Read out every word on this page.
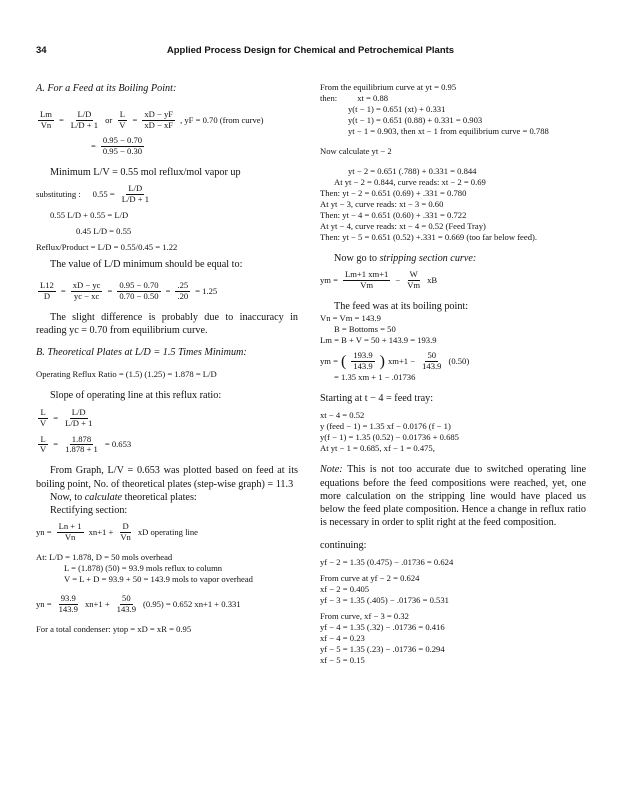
34	Applied Process Design for Chemical and Petrochemical Plants
A. For a Feed at its Boiling Point:
$\frac{Lm}{Vn} = \frac{L/D}{L/D + 1}$ or $\frac{L}{V} = \frac{xD - yF}{xD - xF}$ , yF = 0.70 (from curve)
= $\frac{0.95 - 0.70}{0.95 - 0.30}$
Minimum L/V = 0.55 mol reflux/mol vapor up
substituting : $0.55 = \frac{L/D}{L/D + 1}$
0.55 L/D + 0.55 = L/D
0.45 L/D = 0.55
Reflux/Product = L/D = 0.55/0.45 = 1.22
The value of L/D minimum should be equal to:
$\frac{L12}{D} = \frac{xD - yc}{yc - xc} = \frac{0.95 - 0.70}{0.70 - 0.50} = \frac{.25}{.20} = 1.25$
The slight difference is probably due to inaccuracy in reading yc = 0.70 from equilibrium curve.
B. Theoretical Plates at L/D = 1.5 Times Minimum:
Operating Reflux Ratio = (1.5) (1.25) = 1.878 = L/D
Slope of operating line at this reflux ratio:
$\frac{L}{V} = \frac{L/D}{L/D + 1}$
$\frac{L}{V} = \frac{1.878}{1.878 + 1} = 0.653$
From Graph, L/V = 0.653 was plotted based on feed at its boiling point, No. of theoretical plates (step-wise graph) = 11.3
Now, to calculate theoretical plates:
Rectifying section:
yn = $\frac{Ln + 1}{Vn} xn+1 + \frac{D}{Vn}$ xD operating line
At: L/D = 1.878, D = 50 mols overhead
L = (1.878) (50) = 93.9 mols reflux to column
V = L + D = 93.9 + 50 = 143.9 mols to vapor overhead
yn = $\frac{93.9}{143.9} xn+1 + \frac{50}{143.9} (0.95) = 0.652$ xn+1 + 0.331
For a total condenser: ytop = xD = xR = 0.95
From the equilibrium curve at yt = 0.95
then: xt = 0.88
y(t − 1) = 0.651 (xt) + 0.331
y(t − 1) = 0.651 (0.88) + 0.331 = 0.903
yt − 1 = 0.903, then xt − 1 from equilibrium curve = 0.788
Now calculate yt − 2
yt − 2 = 0.651 (.788) + 0.331 = 0.844
At yt − 2 = 0.844, curve reads: xt − 2 = 0.69
Then: yt − 2 = 0.651 (0.69) + .331 = 0.780
At yt − 3, curve reads: xt − 3 = 0.60
Then: yt − 4 = 0.651 (0.60) + .331 = 0.722
At yt − 4, curve reads: xt − 4 = 0.52 (Feed Tray)
Then: yt − 5 = 0.651 (0.52) +.331 = 0.669 (too far below feed).
Now go to stripping section curve:
ym = $\frac{Lm+1 xm+1}{Vm} - \frac{W}{Vm}$ xB
The feed was at its boiling point:
Vn = Vm = 143.9
B = Bottoms = 50
Lm = B + V = 50 + 143.9 = 193.9
ym = ( 193.9
143.9 ) $xm+1 - \frac{50}{143.9} (0.50)$
= 1.35 xm + 1 − .01736
Starting at t − 4 = feed tray:
xt − 4 = 0.52
y (feed − 1) = 1.35 xf − 0.0176 (f − 1)
y(f − 1) = 1.35 (0.52) − 0.01736 + 0.685
At yt − 1 = 0.685, xf − 1 = 0.475,
Note: This is not too accurate due to switched operating line equations before the feed compositions were reached, yet, one more calculation on the stripping line would have placed us below the feed plate composition. Hence a change in reflux ratio is necessary in order to split right at the feed composition.
continuing:
yf − 2 = 1.35 (0.475) − .01736 = 0.624
From curve at yf − 2 = 0.624
xf − 2 = 0.405
yf − 3 = 1.35 (.405) − .01736 = 0.531
From curve, xf − 3 = 0.32
yf − 4 = 1.35 (.32) − .01736 = 0.416
xf − 4 = 0.23
yf − 5 = 1.35 (.23) − .01736 = 0.294
xf − 5 = 0.15
